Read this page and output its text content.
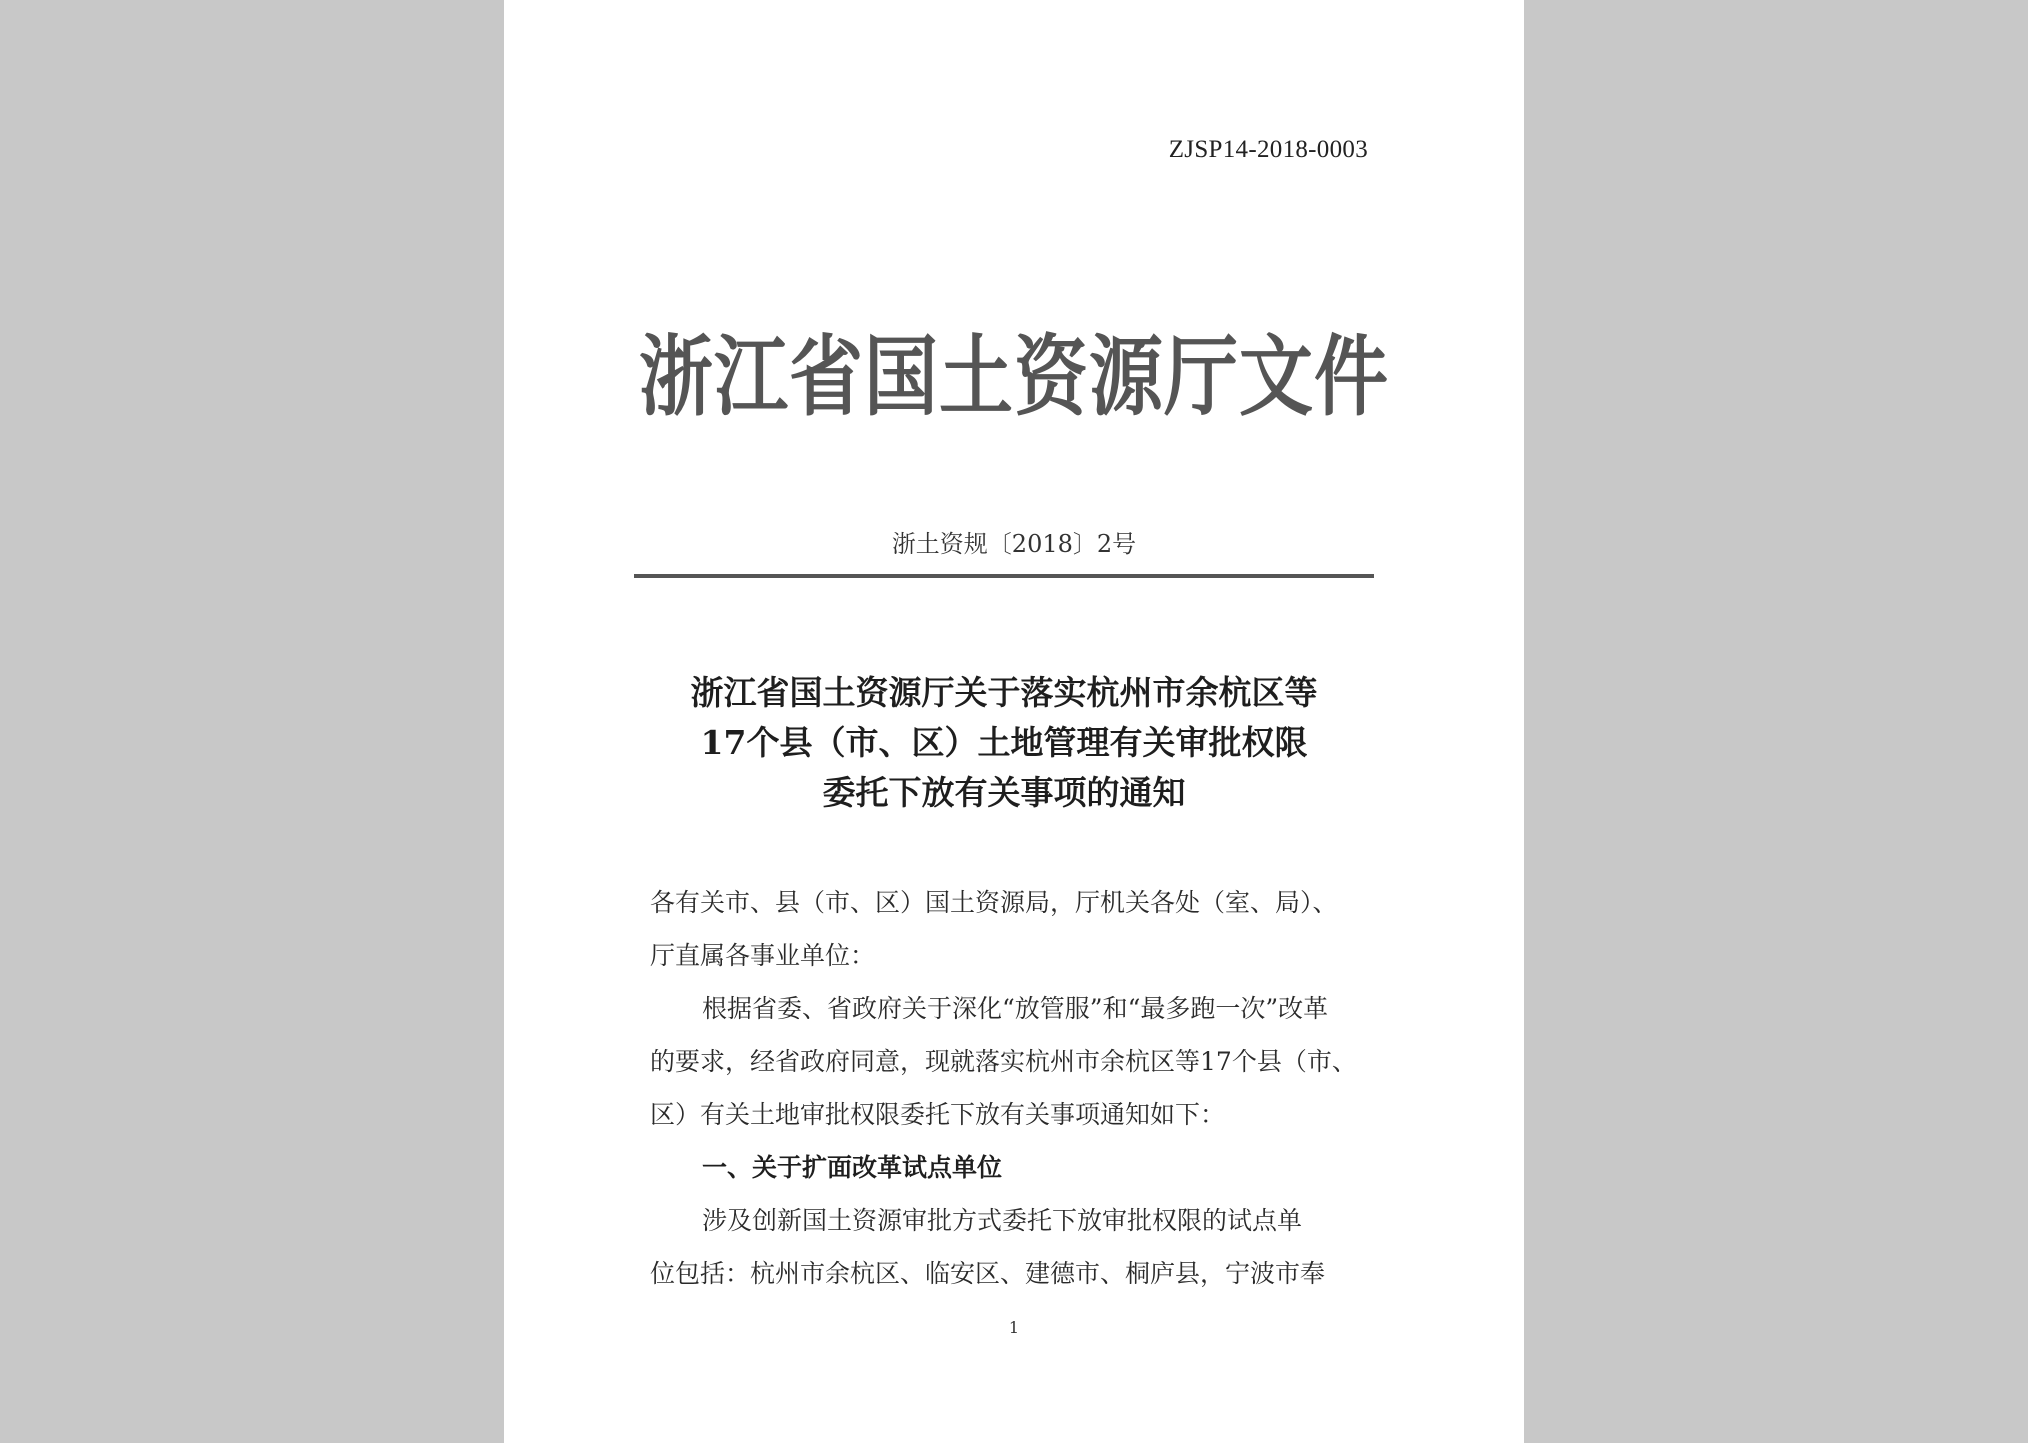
ZJSP14-2018-0003
浙江省国土资源厅文件
浙土资规〔2018〕2号
浙江省国土资源厅关于落实杭州市余杭区等
17个县（市、区）土地管理有关审批权限
委托下放有关事项的通知

各有关市、县（市、区）国土资源局，厅机关各处（室、局）、

厅直属各事业单位：

根据省委、省政府关于深化“放管服”和“最多跑一次”改革

的要求，经省政府同意，现就落实杭州市余杭区等17个县（市、

区）有关土地审批权限委托下放有关事项通知如下：

一、关于扩面改革试点单位

涉及创新国土资源审批方式委托下放审批权限的试点单

位包括：杭州市余杭区、临安区、建德市、桐庐县，宁波市奉

1
